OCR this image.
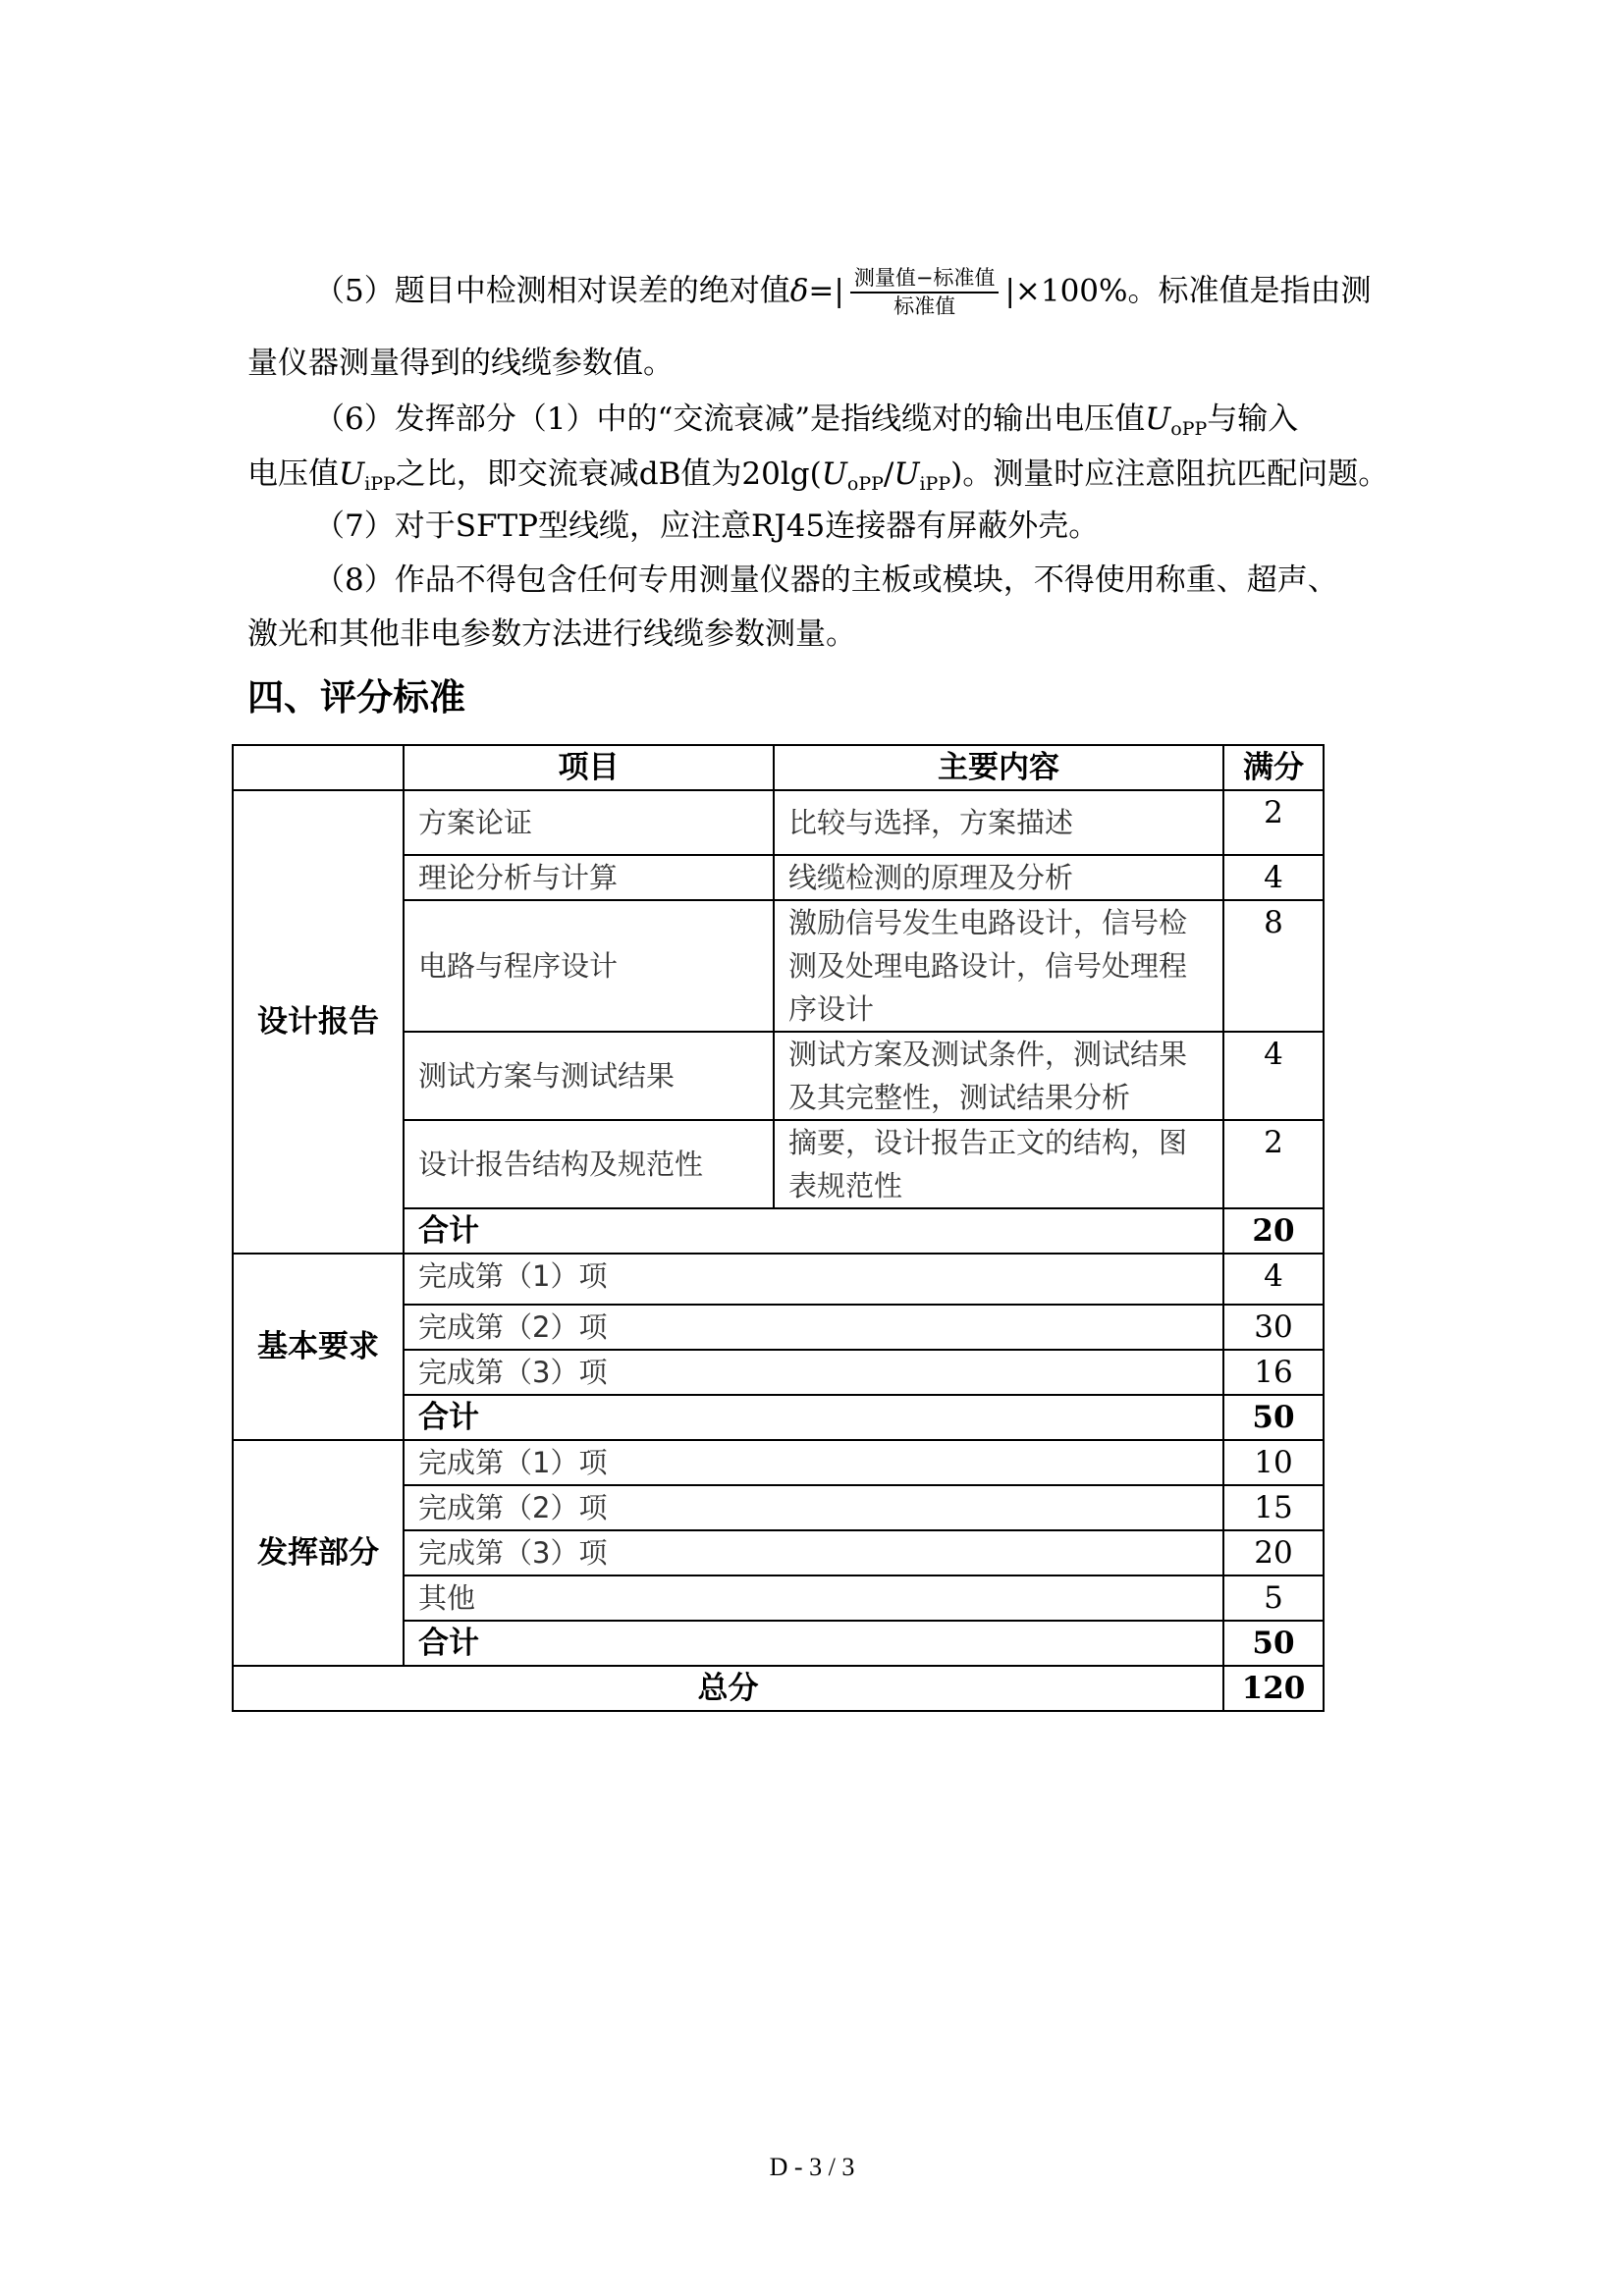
（5）题目中检测相对误差的绝对值$\delta=| \frac{\text{测量值−标准值}}{\text{标准值}} |\times 100\%$。标准值是指由测
量仪器测量得到的线缆参数值。
（6）发挥部分（1）中的“交流衰减”是指线缆对的输出电压值$U_{oPP}$与输入
电压值$U_{iPP}$之比，即交流衰减dB值为$20\lg(U_{oPP}/U_{iPP})$。测量时应注意阻抗匹配问题。
（7）对于SFTP型线缆，应注意RJ45连接器有屏蔽外壳。
（8）作品不得包含任何专用测量仪器的主板或模块，不得使用称重、超声、
激光和其他非电参数方法进行线缆参数测量。
四、评分标准
	项目	主要内容	满分
设计报告	方案论证	比较与选择，方案描述	2
	理论分析与计算	线缆检测的原理及分析	4
	电路与程序设计	激励信号发生电路设计，信号检测及处理电路设计，信号处理程序设计	8
	测试方案与测试结果	测试方案及测试条件，测试结果及其完整性，测试结果分析	4
	设计报告结构及规范性	摘要，设计报告正文的结构，图表规范性	2
	合计		20
基本要求	完成第（1）项		4
	完成第（2）项		30
	完成第（3）项		16
	合计		50
发挥部分	完成第（1）项		10
	完成第（2）项		15
	完成第（3）项		20
	其他		5
	合计		50
总分			120
D - 3 / 3
